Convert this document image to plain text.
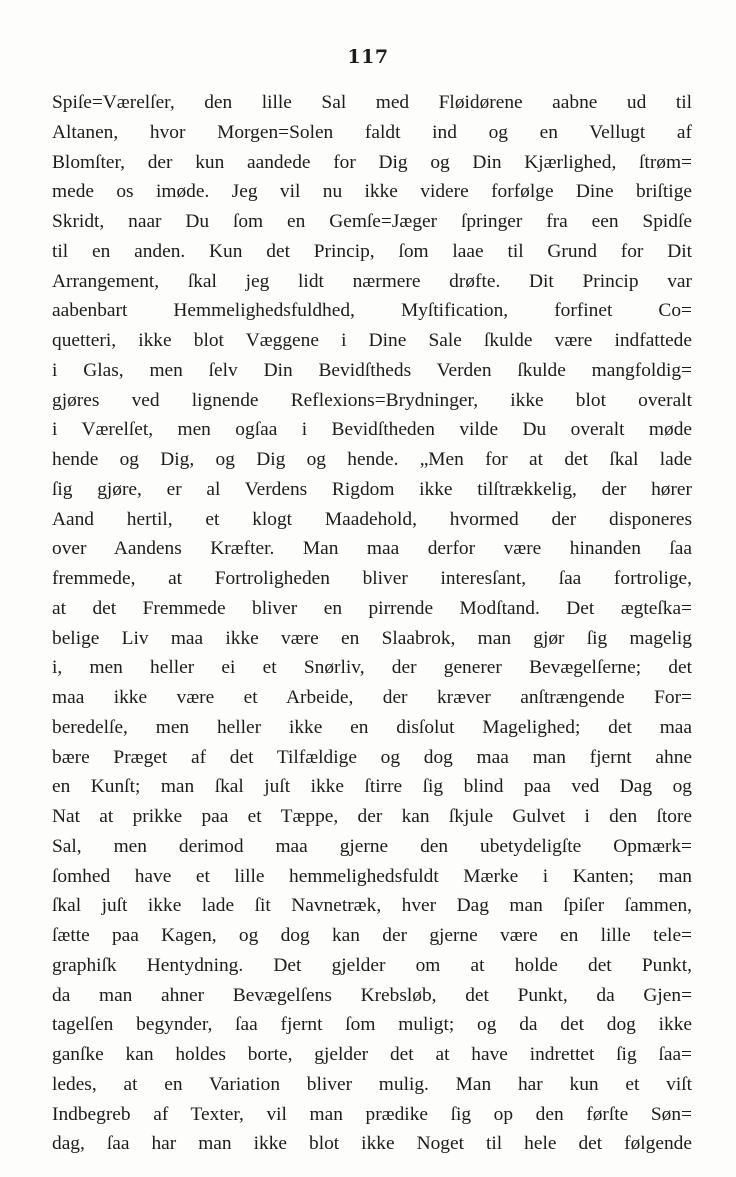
117
Spiſe=Værelſer, den lille Sal med Fløidørene aabne ud til
Altanen, hvor Morgen=Solen faldt ind og en Vellugt af
Blomſter, der kun aandede for Dig og Din Kjærlighed, ſtrøm=
mede os imøde. Jeg vil nu ikke videre forfølge Dine briſtige
Skridt, naar Du ſom en Gemſe=Jæger ſpringer fra een Spidſe
til en anden. Kun det Princip, ſom laae til Grund for Dit
Arrangement, ſkal jeg lidt nærmere drøfte. Dit Princip var
aabenbart Hemmelighedsfuldhed, Myſtification, forfinet Co=
quetteri, ikke blot Væggene i Dine Sale ſkulde være indfattede
i Glas, men ſelv Din Bevidſthеds Verden ſkulde mangfoldig=
gjøres ved lignende Reflexions=Brydninger, ikke blot overalt
i Værelſet, men ogſaa i Bevidſtheden vilde Du overalt møde
hende og Dig, og Dig og hende. „Men for at det ſkal lade
ſig gjøre, er al Verdens Rigdom ikke tilſtrækkelig, der hører
Aand hertil, et klogt Maadehold, hvormed der disponeres
over Aandens Kræfter. Man maa derfor være hinanden ſaa
fremmede, at Fortroligheden bliver interesſant, ſaa fortrolige,
at det Fremmede bliver en pirrende Modſtand. Det ægteſka=
belige Liv maa ikke være en Slaabrok, man gjør ſig magelig
i, men heller ei et Snørliv, der generer Bevægelſerne; det
maa ikke være et Arbeide, der kræver anſtrængende For=
beredelſe, men heller ikke en disſolut Magelighed; det maa
bære Præget af det Tilfældige og dog maa man fjernt ahne
en Kunſt; man ſkal juſt ikke ſtirre ſig blind paa ved Dag og
Nat at prikke paa et Tæppe, der kan ſkjule Gulvet i den ſtore
Sal, men derimod maa gjerne den ubetydeligſte Opmærk=
ſomhed have et lille hemmelighedsfuldt Mærke i Kanten; man
ſkal juſt ikke lade ſit Navnetræk, hver Dag man ſpiſer ſammen,
ſætte paa Kagen, og dog kan der gjerne være en lille tele=
graphiſk Hentydning. Det gjelder om at holde det Punkt,
da man ahner Bevægelſens Krebsløb, det Punkt, da Gjen=
tagelſen begynder, ſaa fjernt ſom muligt; og da det dog ikke
ganſke kan holdes borte, gjelder det at have indrettet ſig ſaa=
ledes, at en Variation bliver mulig. Man har kun et viſt
Indbegreb af Texter, vil man prædike ſig op den førſte Søn=
dag, ſaa har man ikke blot ikke Noget til hele det følgende
